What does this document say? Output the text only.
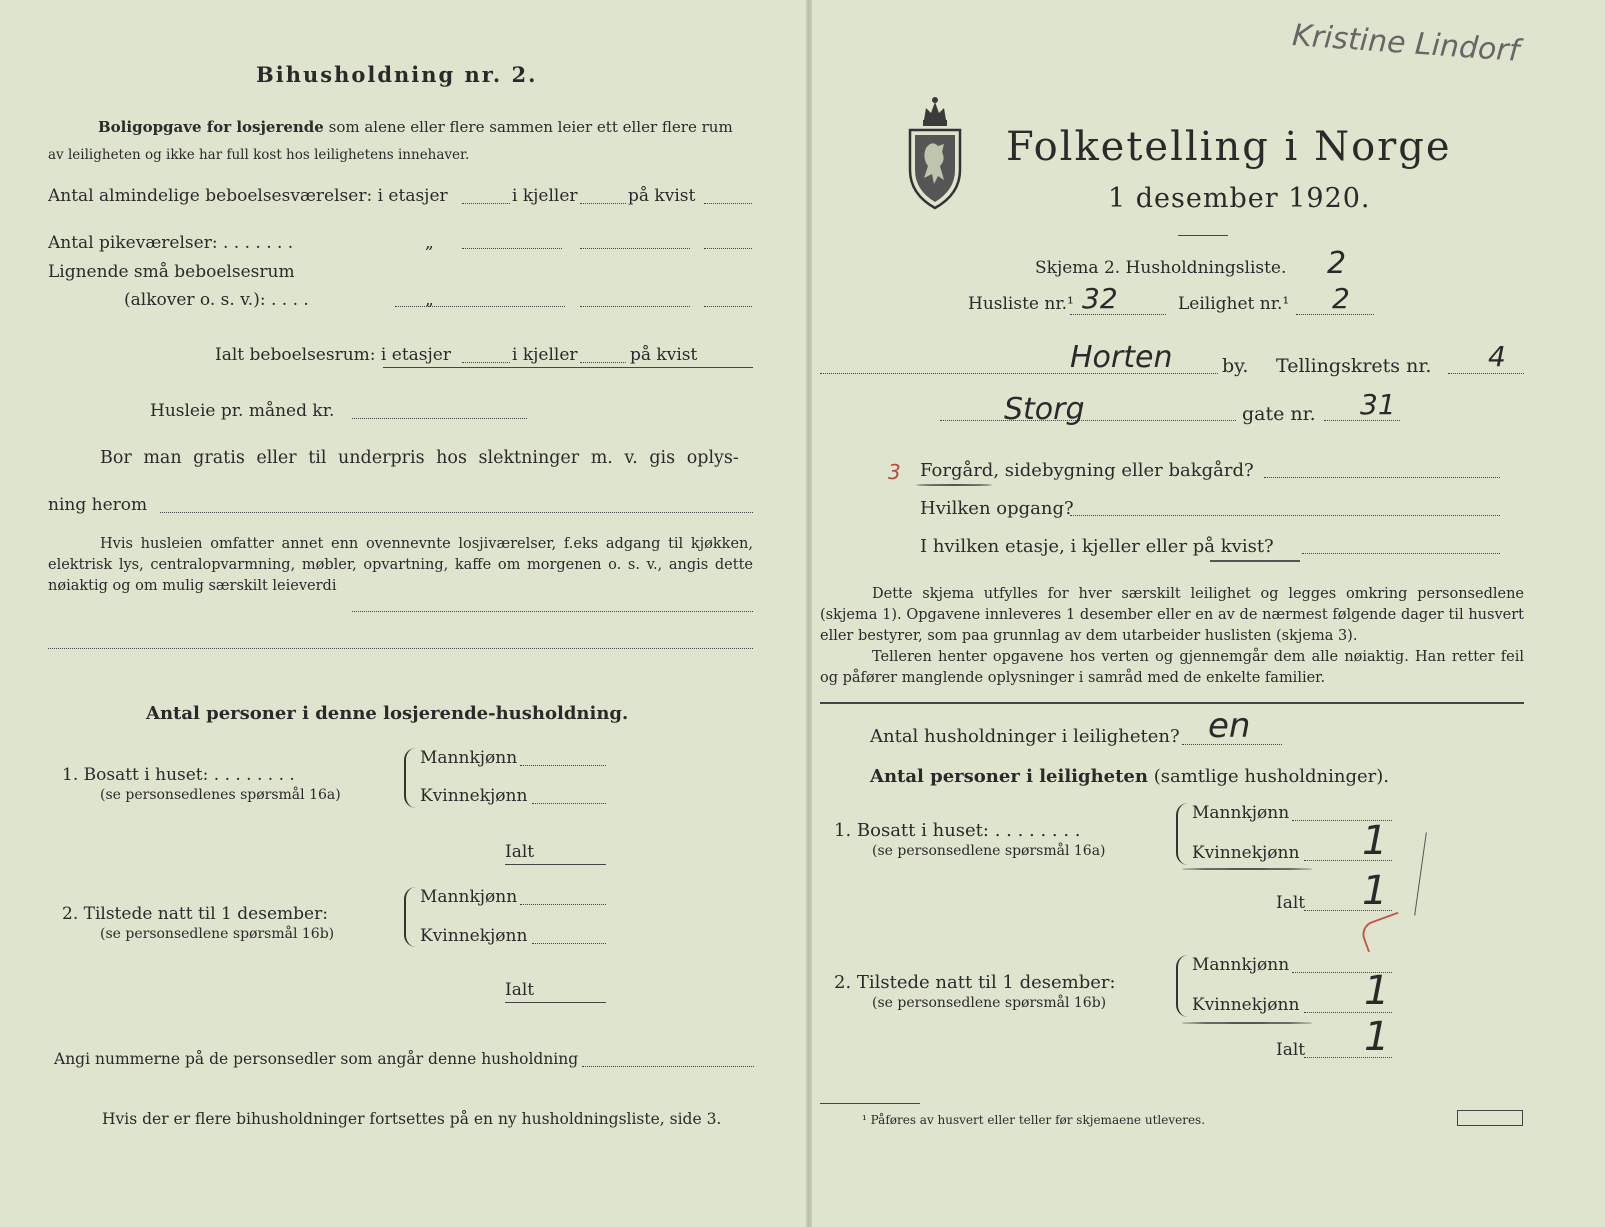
Bihusholdning nr. 2.
Boligopgave for losjerende som alene eller flere sammen leier ett eller flere rum
av leiligheten og ikke har full kost hos leilighetens innehaver.
Antal almindelige beboelsesværelser: i etasjer	i kjeller	på kvist
Antal pikeværelser: . . . . . . .	„
Lignende små beboelsesrum
(alkover o. s. v.): . . . .	„
Ialt beboelsesrum: i etasjer	i kjeller	på kvist
Husleie pr. måned kr.
Bor man gratis eller til underpris hos slektninger m. v. gis oplys-
ning herom
Hvis husleien omfatter annet enn ovennevnte losjiværelser, f.eks adgang til kjøkken, elektrisk lys, centralopvarmning, møbler, opvartning, kaffe om morgenen o. s. v., angis dette nøiaktig og om mulig særskilt leieverdi
Antal personer i denne losjerende-husholdning.
1. Bosatt i huset: . . . . . . . .
(se personsedlenes spørsmål 16a)
Mannkjønn
Kvinnekjønn
Ialt
2. Tilstede natt til 1 desember:
(se personsedlene spørsmål 16b)
Mannkjønn
Kvinnekjønn
Ialt
Angi nummerne på de personsedler som angår denne husholdning
Hvis der er flere bihusholdninger fortsettes på en ny husholdningsliste, side 3.
Folketelling i Norge
1 desember 1920.
Skjema 2. Husholdningsliste. 2
Husliste nr.¹ 32	Leilighet nr.¹ 2
Horten	by. Tellingskrets nr. 4
Storg	gate nr. 31
3 Forgård, sidebygning eller bakgård?
Hvilken opgang?
I hvilken etasje, i kjeller eller på kvist?
Dette skjema utfylles for hver særskilt leilighet og legges omkring personsedlene (skjema 1). Opgavene innleveres 1 desember eller en av de nærmest følgende dager til husvert eller bestyrer, som paa grunnlag av dem utarbeider huslisten (skjema 3).
Telleren henter opgavene hos verten og gjennemgår dem alle nøiaktig. Han retter feil og påfører manglende oplysninger i samråd med de enkelte familier.
Antal husholdninger i leiligheten? en
Antal personer i leiligheten (samtlige husholdninger).
1. Bosatt i huset: . . . . . . . .
(se personsedlene spørsmål 16a)
Mannkjønn
Kvinnekjønn 1
Ialt 1
2. Tilstede natt til 1 desember:
(se personsedlene spørsmål 16b)
Mannkjønn
Kvinnekjønn 1
Ialt 1
¹ Påføres av husvert eller teller før skjemaene utleveres.
Kristine Lindorf
